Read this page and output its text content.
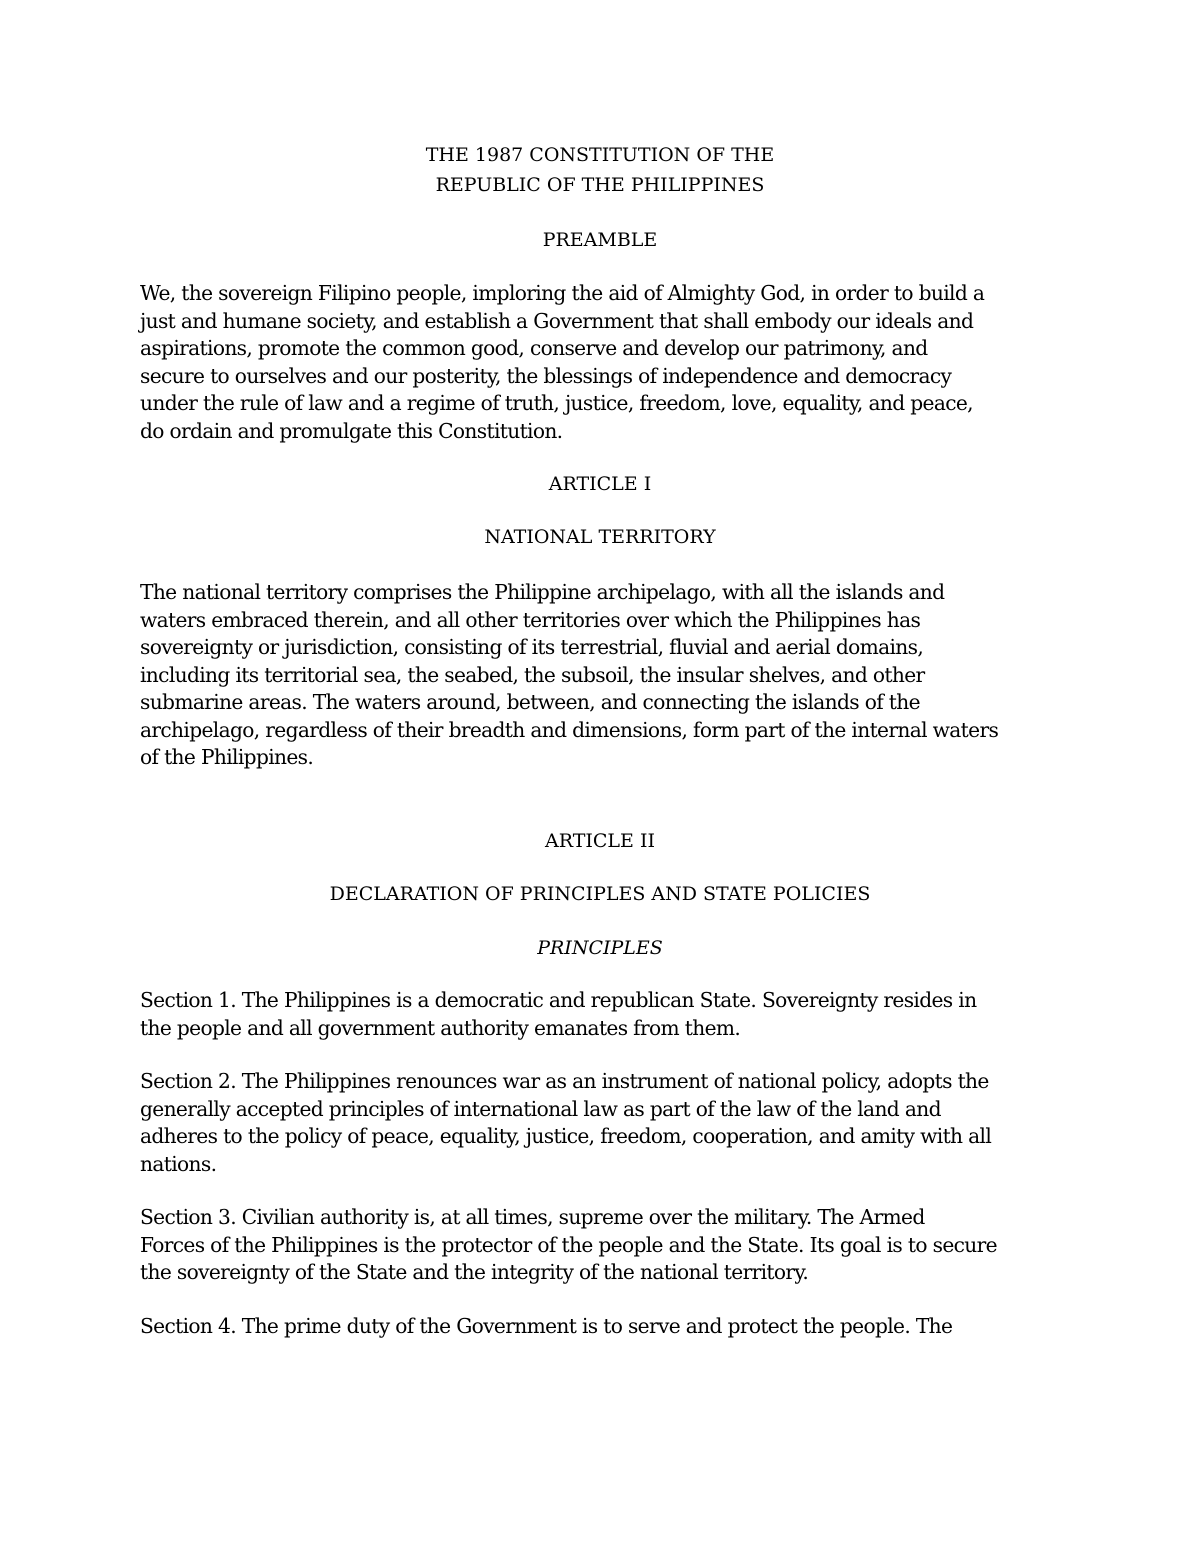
THE 1987 CONSTITUTION OF THE
REPUBLIC OF THE PHILIPPINES
PREAMBLE
We, the sovereign Filipino people, imploring the aid of Almighty God, in order to build a
just and humane society, and establish a Government that shall embody our ideals and
aspirations, promote the common good, conserve and develop our patrimony, and
secure to ourselves and our posterity, the blessings of independence and democracy
under the rule of law and a regime of truth, justice, freedom, love, equality, and peace,
do ordain and promulgate this Constitution.
ARTICLE I
NATIONAL TERRITORY
The national territory comprises the Philippine archipelago, with all the islands and
waters embraced therein, and all other territories over which the Philippines has
sovereignty or jurisdiction, consisting of its terrestrial, fluvial and aerial domains,
including its territorial sea, the seabed, the subsoil, the insular shelves, and other
submarine areas. The waters around, between, and connecting the islands of the
archipelago, regardless of their breadth and dimensions, form part of the internal waters
of the Philippines.
ARTICLE II
DECLARATION OF PRINCIPLES AND STATE POLICIES
PRINCIPLES
Section 1. The Philippines is a democratic and republican State. Sovereignty resides in
the people and all government authority emanates from them.
Section 2. The Philippines renounces war as an instrument of national policy, adopts the
generally accepted principles of international law as part of the law of the land and
adheres to the policy of peace, equality, justice, freedom, cooperation, and amity with all
nations.
Section 3. Civilian authority is, at all times, supreme over the military. The Armed
Forces of the Philippines is the protector of the people and the State. Its goal is to secure
the sovereignty of the State and the integrity of the national territory.
Section 4. The prime duty of the Government is to serve and protect the people. The
